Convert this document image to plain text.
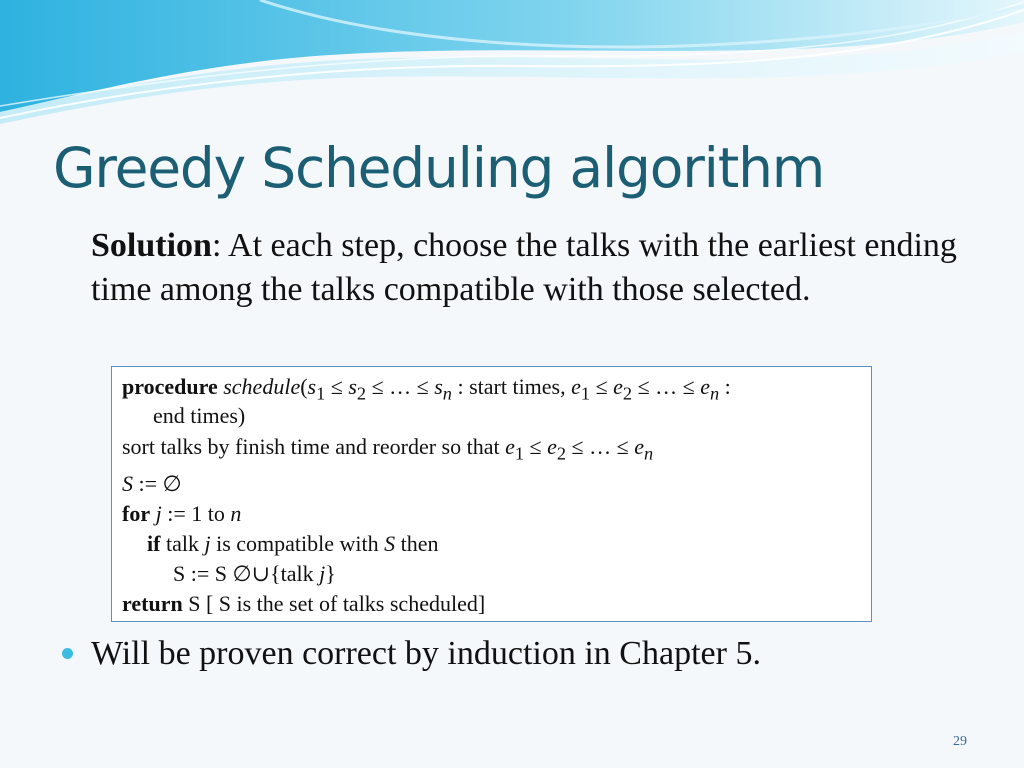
Greedy Scheduling algorithm

Solution: At each step, choose the talks with the earliest ending time among the talks compatible with those selected.

procedure $schedule(s_1 \le s_2$ ≤ … ≤ $s_n$ : start times, $e_1 \le e_2$ ≤ … ≤ $e_n$ :
end times)
sort talks by finish time and reorder so that $e_1 \le e_2$ ≤ … ≤ $e_n$
S := ∅
for j := 1 to n
if talk j is compatible with S then
S := S ∅∪{talk j}
return S [ S is the set of talks scheduled]
Will be proven correct by induction in Chapter 5.
29
